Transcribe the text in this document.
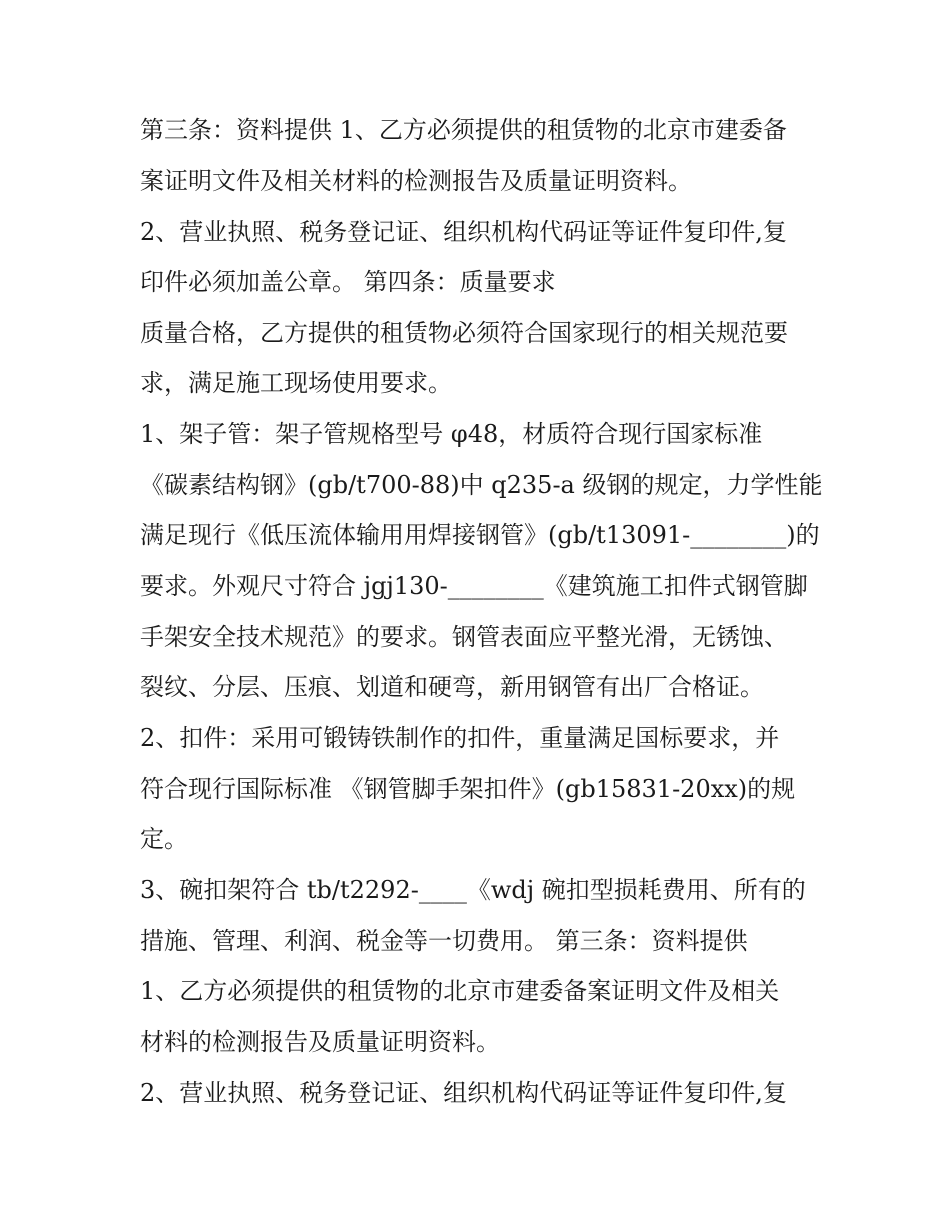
第三条：资料提供 1、乙方必须提供的租赁物的北京市建委备
案证明文件及相关材料的检测报告及质量证明资料。
2、营业执照、税务登记证、组织机构代码证等证件复印件,复
印件必须加盖公章。 第四条：质量要求
质量合格，乙方提供的租赁物必须符合国家现行的相关规范要
求，满足施工现场使用要求。
1、架子管：架子管规格型号 φ48，材质符合现行国家标准
《碳素结构钢》(gb/t700-88)中 q235-a 级钢的规定，力学性能
满足现行《低压流体输用用焊接钢管》(gb/t13091-________)的
要求。外观尺寸符合 jgj130-________《建筑施工扣件式钢管脚
手架安全技术规范》的要求。钢管表面应平整光滑，无锈蚀、
裂纹、分层、压痕、划道和硬弯，新用钢管有出厂合格证。
2、扣件：采用可锻铸铁制作的扣件，重量满足国标要求，并
符合现行国际标准 《钢管脚手架扣件》(gb15831-20xx)的规
定。
3、碗扣架符合 tb/t2292-____《wdj 碗扣型损耗费用、所有的
措施、管理、利润、税金等一切费用。 第三条：资料提供
1、乙方必须提供的租赁物的北京市建委备案证明文件及相关
材料的检测报告及质量证明资料。
2、营业执照、税务登记证、组织机构代码证等证件复印件,复
